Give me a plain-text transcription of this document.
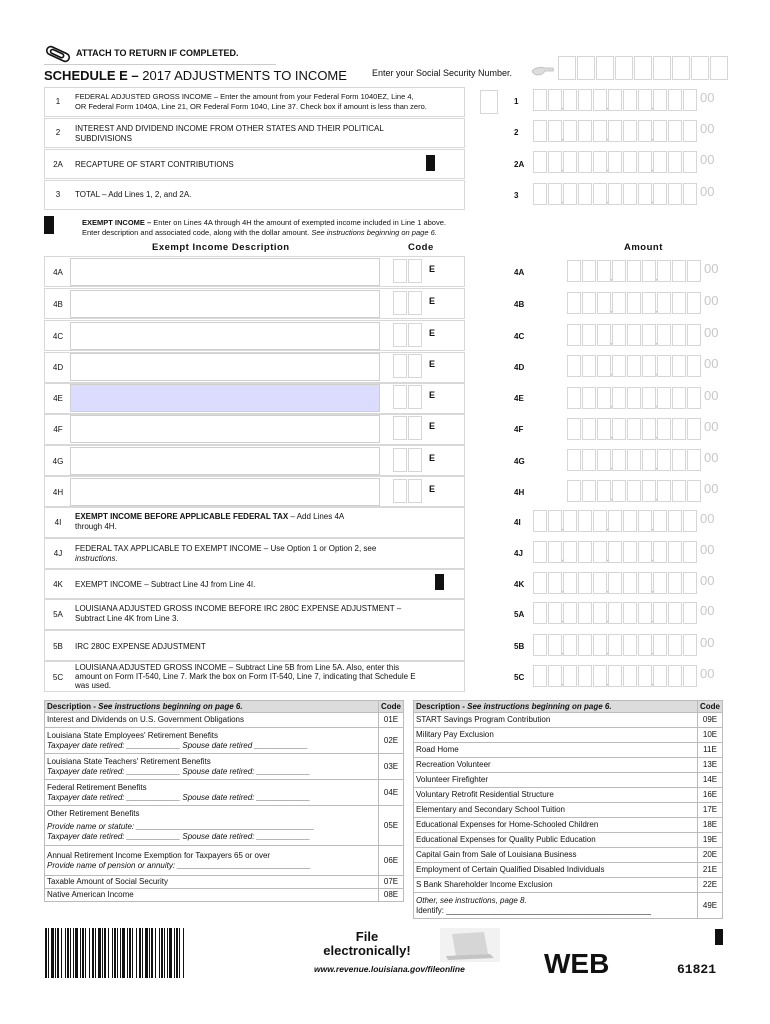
ATTACH TO RETURN IF COMPLETED.
SCHEDULE E – 2017 ADJUSTMENTS TO INCOME	Enter your Social Security Number.
1
FEDERAL ADJUSTED GROSS INCOME – Enter the amount from your Federal Form 1040EZ, Line 4,
OR Federal Form 1040A, Line 21, OR Federal Form 1040, Line 37. Check box if amount is less than zero.
1
2	INTEREST AND DIVIDEND INCOME FROM OTHER STATES AND THEIR POLITICAL
SUBDIVISIONS
2
2A	RECAPTURE OF START CONTRIBUTIONS	2A
3	TOTAL – Add Lines 1, 2, and 2A.	3
EXEMPT INCOME – Enter on Lines 4A through 4H the amount of exempted income included in Line 1 above.
Enter description and associated code, along with the dollar amount. See instructions beginning on page 6.
Exempt Income Description	Code	Amount
4A	E	4A
4B	E	4B
4C	E	4C
4D	E	4D
4E	E	4E
4F	E	4F
4G	E	4G
4H	E	4H
4I
EXEMPT INCOME BEFORE APPLICABLE FEDERAL TAX – Add Lines 4A
through 4H.	4I
4J
FEDERAL TAX APPLICABLE TO EXEMPT INCOME – Use Option 1 or Option 2, see
instructions.
4J
4K	EXEMPT INCOME – Subtract Line 4J from Line 4I.	4K
5A
LOUISIANA ADJUSTED GROSS INCOME BEFORE IRC 280C EXPENSE ADJUSTMENT –
Subtract Line 4K from Line 3.	5A
5B	IRC 280C EXPENSE ADJUSTMENT	5B
5C
LOUISIANA ADJUSTED GROSS INCOME – Subtract Line 5B from Line 5A. Also, enter this
amount on Form IT-540, Line 7. Mark the box on Form IT-540, Line 7, indicating that Schedule E
was used.
5C
,
,
,
00
,
,
,
00
,
,
,
00
,
,
,
00
,
,
00
,
,
00
,
,
00
,
,
00
,
,
00
,
,
00
,
,
00
,
,
00
,
,
,
00
,
,
,
00
,
,
,
00
,
,
,
00
,
,
,
00
,
,
,
00
Description - See instructions beginning on page 6.	Code
Interest and Dividends on U.S. Government Obligations	01E

Louisiana State Employees' Retirement Benefits
Taxpayer date retired: ____________ Spouse date retired ____________	02E

Louisiana State Teachers' Retirement Benefits
Taxpayer date retired: ____________ Spouse date retired: ____________	03E

Federal Retirement Benefits
Taxpayer date retired: ____________ Spouse date retired: ____________	04E

Other Retirement Benefits
Provide name or statute: ________________________________________
Taxpayer date retired: ____________ Spouse date retired: ____________	05E

Annual Retirement Income Exemption for Taxpayers 65 or over
Provide name of pension or annuity: ______________________________	06E
Taxable Amount of Social Security	07E
Native American Income	08E
Description - See instructions beginning on page 6.	Code
START Savings Program Contribution	09E
Military Pay Exclusion	10E
Road Home	11E
Recreation Volunteer	13E
Volunteer Firefighter	14E
Voluntary Retrofit Residential Structure	16E
Elementary and Secondary School Tuition	17E
Educational Expenses for Home-Schooled Children	18E
Educational Expenses for Quality Public Education	19E
Capital Gain from Sale of Louisiana Business	20E
Employment of Certain Qualified Disabled Individuals	21E
S Bank Shareholder Income Exclusion	22E

Other, see instructions, page 8.
Identify: ______________________________________________	49E
File
electronically!
www.revenue.louisiana.gov/fileonline	WEB	61821
